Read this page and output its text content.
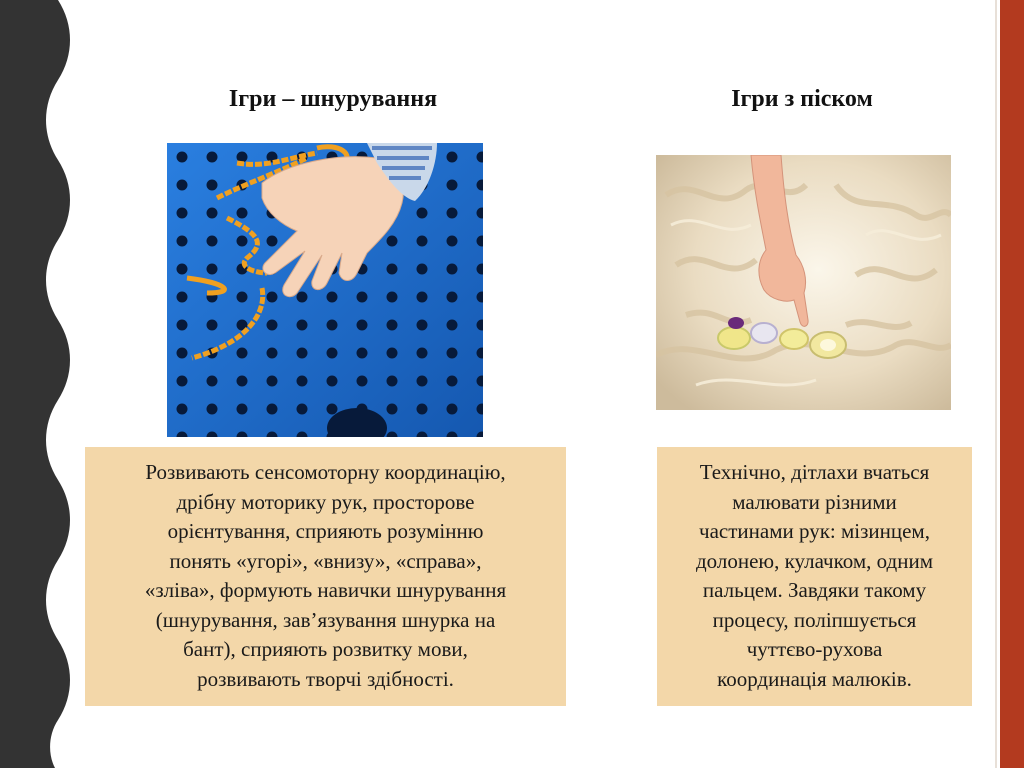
Ігри – шнурування
Розвивають сенсомоторну координацію,
дрібну моторику рук, просторове
орієнтування, сприяють розумінню
понять «угорі», «внизу», «справа»,
«зліва», формують навички шнурування
(шнурування, зав’язування шнурка на
бант), сприяють розвитку мови,
розвивають творчі здібності.
Ігри з піском
Технічно, дітлахи вчаться
малювати різними
частинами рук: мізинцем,
долонею, кулачком, одним
пальцем. Завдяки такому
процесу, поліпшується
чуттєво-рухова
координація малюків.
